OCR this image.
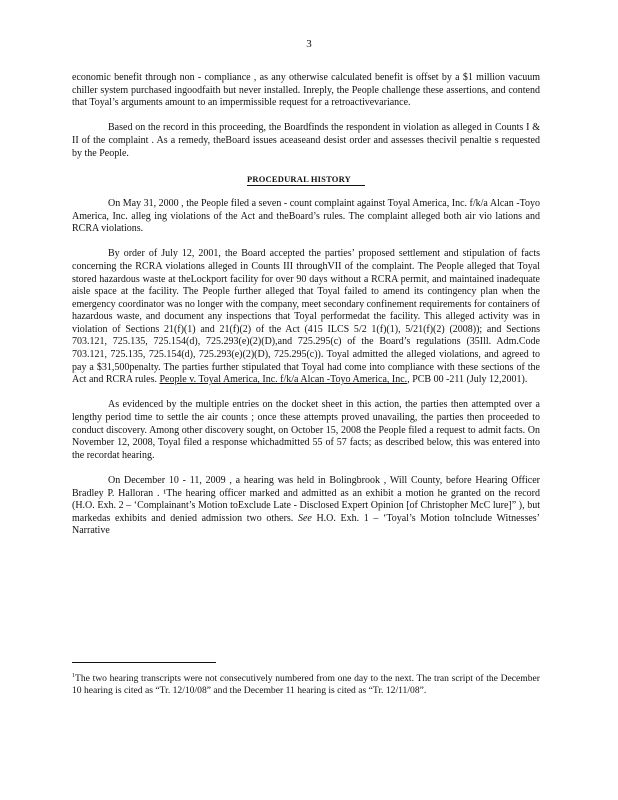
3

economic benefit through non - compliance , as any otherwise calculated benefit is offset by a $1 million vacuum chiller system purchased ingoodfaith but never installed. Inreply, the People challenge these assertions, and contend that Toyal’s arguments amount to an impermissible request for a retroactivevariance.

Based on the record in this proceeding, the Boardfinds the respondent in violation as alleged in Counts I & II of the complaint . As a remedy, theBoard issues aceaseand desist order and assesses thecivil penaltie s requested by the People.

PROCEDURAL HISTORY

On May 31, 2000 , the People filed a seven - count complaint against Toyal America, Inc. f/k/a Alcan -Toyo America, Inc. alleg ing violations of the Act and theBoard’s rules. The complaint alleged both air vio lations and RCRA violations.

By order of July 12, 2001, the Board accepted the parties’ proposed settlement and stipulation of facts concerning the RCRA violations alleged in Counts III throughVII of the complaint. The People alleged that Toyal stored hazardous waste at theLockport facility for over 90 days without a RCRA permit, and maintained inadequate aisle space at the facility. The People further alleged that Toyal failed to amend its contingency plan when the emergency coordinator was no longer with the company, meet secondary confinement requirements for containers of hazardous waste, and document any inspections that Toyal performedat the facility. This alleged activity was in violation of Sections 21(f)(1) and 21(f)(2) of the Act (415 ILCS 5/2 1(f)(1), 5/21(f)(2) (2008)); and Sections 703.121, 725.135, 725.154(d), 725.293(e)(2)(D),and 725.295(c) of the Board’s regulations (35Ill. Adm.Code 703.121, 725.135, 725.154(d), 725.293(e)(2)(D), 725.295(c)). Toyal admitted the alleged violations, and agreed to pay a $31,500penalty. The parties further stipulated that Toyal had come into compliance with these sections of the Act and RCRA rules. People v. Toyal America, Inc. f/k/a Alcan -Toyo America, Inc., PCB 00 -211 (July 12,2001).

As evidenced by the multiple entries on the docket sheet in this action, the parties then attempted over a lengthy period time to settle the air counts ; once these attempts proved unavailing, the parties then proceeded to conduct discovery. Among other discovery sought, on October 15, 2008 the People filed a request to admit facts. On November 12, 2008, Toyal filed a response whichadmitted 55 of 57 facts; as described below, this was entered into the recordat hearing.

On December 10 - 11, 2009 , a hearing was held in Bolingbrook , Will County, before Hearing Officer Bradley P. Halloran . ¹The hearing officer marked and admitted as an exhibit a motion he granted on the record (H.O. Exh. 2 – ‘Complainant’s Motion toExclude Late - Disclosed Expert Opinion [of Christopher McC lure]” ), but markedas exhibits and denied admission two others. See H.O. Exh. 1 – ‘Toyal’s Motion toInclude Witnesses’ Narrative

$^1$The two hearing transcripts were not consecutively numbered from one day to the next. The tran script of the December 10 hearing is cited as “Tr. 12/10/08” and the December 11 hearing is cited as “Tr. 12/11/08”.
